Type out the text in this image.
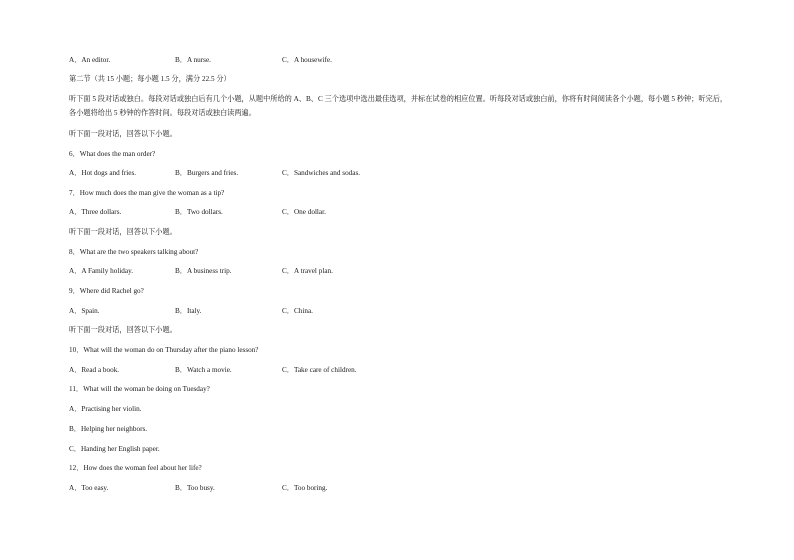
A．An editor.	B．A nurse.	C．A housewife.
第二节（共 15 小题；每小题 1.5 分，满分 22.5 分）
听下面 5 段对话或独白。每段对话或独白后有几个小题，从题中所给的 A、B、C 三个选项中选出最佳选项，并标在试卷的相应位置。听每段对话或独白前，你将有时间阅读各个小题，每小题 5 秒钟；听完后，各小题将给出 5 秒钟的作答时间。每段对话或独白读两遍。
听下面一段对话，回答以下小题。
6．What does the man order?
A．Hot dogs and fries.	B．Burgers and fries.	C．Sandwiches and sodas.
7．How much does the man give the woman as a tip?
A．Three dollars.	B．Two dollars.	C．One dollar.
听下面一段对话，回答以下小题。
8．What are the two speakers talking about?
A．A Family holiday.	B．A business trip.	C．A travel plan.
9．Where did Rachel go?
A．Spain.	B．Italy.	C．China.
听下面一段对话，回答以下小题。
10．What will the woman do on Thursday after the piano lesson?
A．Read a book.	B．Watch a movie.	C．Take care of children.
11．What will the woman be doing on Tuesday?
A．Practising her violin.
B．Helping her neighbors.
C．Handing her English paper.
12．How does the woman feel about her life?
A．Too easy.	B．Too busy.	C．Too boring.
